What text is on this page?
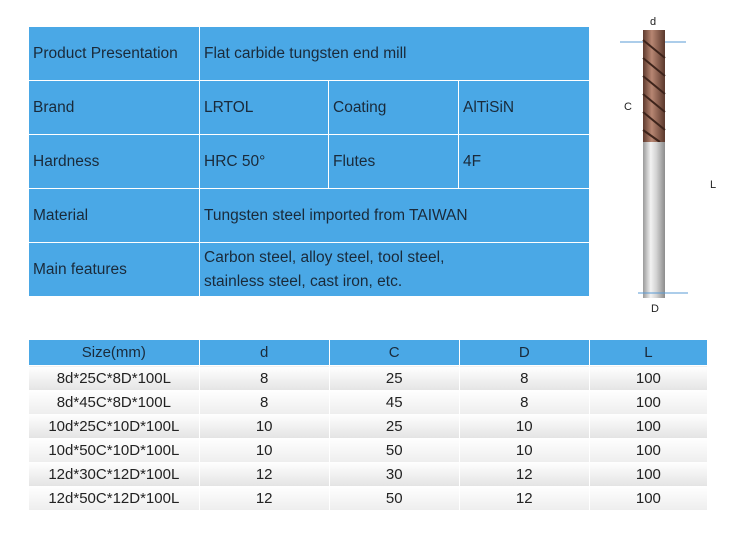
Product Presentation	Flat carbide tungsten end mill		
Brand	LRTOL	Coating	AlTiSiN
Hardness	HRC 50°	Flutes	4F
Material	Tungsten steel imported from TAIWAN		
Main features	Carbon steel, alloy steel, tool steel,
stainless steel, cast iron, etc.		
d
C
L
D
Size(mm)	d	C	D	L
8d*25C*8D*100L	8	25	8	100
8d*45C*8D*100L	8	45	8	100
10d*25C*10D*100L	10	25	10	100
10d*50C*10D*100L	10	50	10	100
12d*30C*12D*100L	12	30	12	100
12d*50C*12D*100L	12	50	12	100
